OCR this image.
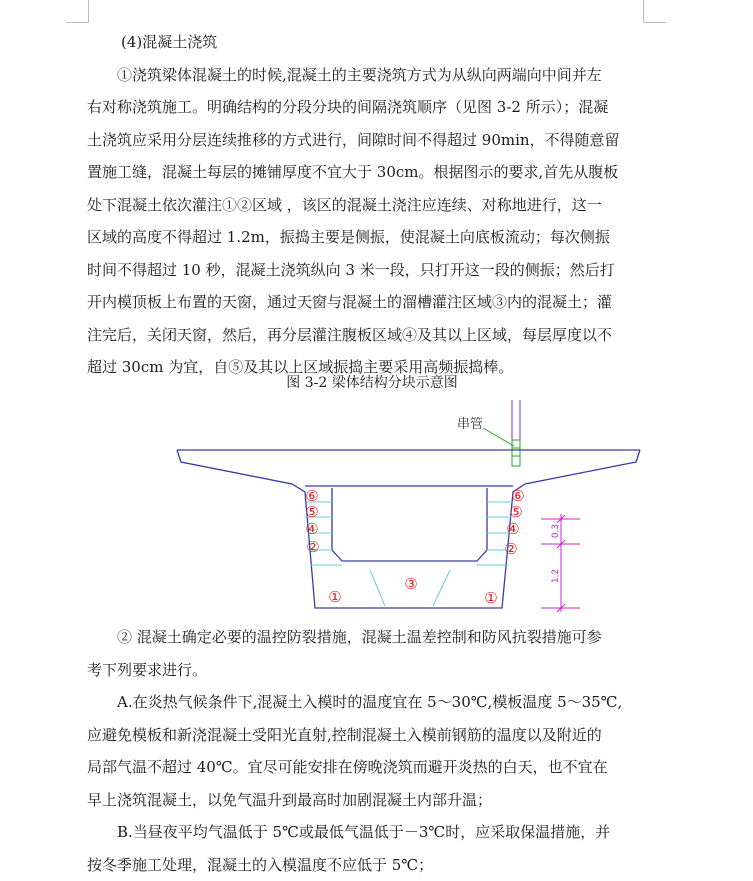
(4)混凝土浇筑
①浇筑梁体混凝土的时候,混凝土的主要浇筑方式为从纵向两端向中间并左
右对称浇筑施工。明确结构的分段分块的间隔浇筑顺序（见图 3-2 所示）；混凝
土浇筑应采用分层连续推移的方式进行，间隙时间不得超过 90min，不得随意留
置施工缝，混凝土每层的摊铺厚度不宜大于 30cm。根据图示的要求,首先从腹板
处下混凝土依次灌注①②区域 ，该区的混凝土浇注应连续、对称地进行，这一
区域的高度不得超过 1.2m，振捣主要是侧振，使混凝土向底板流动；每次侧振
时间不得超过 10 秒，混凝土浇筑纵向 3 米一段，只打开这一段的侧振；然后打
开内模顶板上布置的天窗，通过天窗与混凝土的溜槽灌注区域③内的混凝土；灌
注完后，关闭天窗，然后，再分层灌注腹板区域④及其以上区域，每层厚度以不
超过 30cm 为宜，自⑤及其以上区域振捣主要采用高频振捣棒。
图 3-2 梁体结构分块示意图
串管
⑥
⑤
④
②
⑥
⑤
④
②
①
③
①
0.3
1.2
② 混凝土确定必要的温控防裂措施，混凝土温差控制和防风抗裂措施可参
考下列要求进行。
A.在炎热气候条件下,混凝土入模时的温度宜在 5～30℃,模板温度 5～35℃,
应避免模板和新浇混凝土受阳光直射,控制混凝土入模前钢筋的温度以及附近的
局部气温不超过 40℃。宜尽可能安排在傍晚浇筑而避开炎热的白天，也不宜在
早上浇筑混凝土，以免气温升到最高时加剧混凝土内部升温；
B.当昼夜平均气温低于 5℃或最低气温低于－3℃时，应采取保温措施，并
按冬季施工处理，混凝土的入模温度不应低于 5℃；
